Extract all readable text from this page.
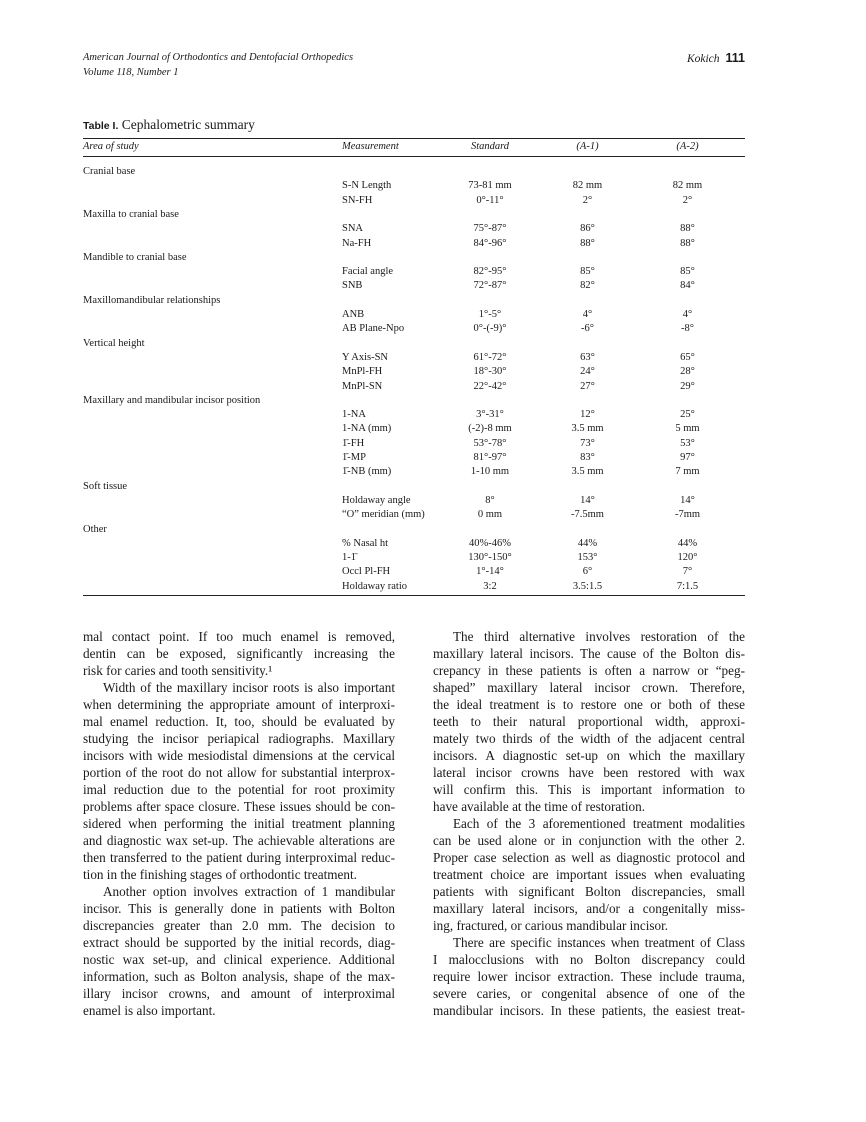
American Journal of Orthodontics and Dentofacial Orthopedics
Volume 118, Number 1
Kokich 111
Table I. Cephalometric summary
Area of study	Measurement	Standard	(A-1)	(A-2)
Cranial base
S-N Length	73-81 mm	82 mm	82 mm
SN-FH	0°-11°	2°	2°
Maxilla to cranial base
SNA	75°-87°	86°	88°
Na-FH	84°-96°	88°	88°
Mandible to cranial base
Facial angle	82°-95°	85°	85°
SNB	72°-87°	82°	84°
Maxillomandibular relationships
ANB	1°-5°	4°	4°
AB Plane-Npo	0°-(-9)°	-6°	-8°
Vertical height
Y Axis-SN	61°-72°	63°	65°
MnPl-FH	18°-30°	24°	28°
MnPl-SN	22°-42°	27°	29°
Maxillary and mandibular incisor position
1-NA	3°-31°	12°	25°
1-NA (mm)	(-2)-8 mm	3.5 mm	5 mm
1̄-FH	53°-78°	73°	53°
1̄-MP	81°-97°	83°	97°
1̄-NB (mm)	1-10 mm	3.5 mm	7 mm
Soft tissue
Holdaway angle	8°	14°	14°
“O” meridian (mm)	0 mm	-7.5mm	-7mm
Other
% Nasal ht	40%-46%	44%	44%
1-1̄	130°-150°	153°	120°
Occl Pl-FH	1°-14°	6°	7°
Holdaway ratio	3:2	3.5:1.5	7:1.5
mal contact point. If too much enamel is removed,
dentin can be exposed, significantly increasing the
risk for caries and tooth sensitivity.¹
Width of the maxillary incisor roots is also important
when determining the appropriate amount of interproxi-
mal enamel reduction. It, too, should be evaluated by
studying the incisor periapical radiographs. Maxillary
incisors with wide mesiodistal dimensions at the cervical
portion of the root do not allow for substantial interprox-
imal reduction due to the potential for root proximity
problems after space closure. These issues should be con-
sidered when performing the initial treatment planning
and diagnostic wax set-up. The achievable alterations are
then transferred to the patient during interproximal reduc-
tion in the finishing stages of orthodontic treatment.
Another option involves extraction of 1 mandibular
incisor. This is generally done in patients with Bolton
discrepancies greater than 2.0 mm. The decision to
extract should be supported by the initial records, diag-
nostic wax set-up, and clinical experience. Additional
information, such as Bolton analysis, shape of the max-
illary incisor crowns, and amount of interproximal
enamel is also important.
The third alternative involves restoration of the
maxillary lateral incisors. The cause of the Bolton dis-
crepancy in these patients is often a narrow or “peg-
shaped” maxillary lateral incisor crown. Therefore,
the ideal treatment is to restore one or both of these
teeth to their natural proportional width, approxi-
mately two thirds of the width of the adjacent central
incisors. A diagnostic set-up on which the maxillary
lateral incisor crowns have been restored with wax
will confirm this. This is important information to
have available at the time of restoration.
Each of the 3 aforementioned treatment modalities
can be used alone or in conjunction with the other 2.
Proper case selection as well as diagnostic protocol and
treatment choice are important issues when evaluating
patients with significant Bolton discrepancies, small
maxillary lateral incisors, and/or a congenitally miss-
ing, fractured, or carious mandibular incisor.
There are specific instances when treatment of Class
I malocclusions with no Bolton discrepancy could
require lower incisor extraction. These include trauma,
severe caries, or congenital absence of one of the
mandibular incisors. In these patients, the easiest treat-
